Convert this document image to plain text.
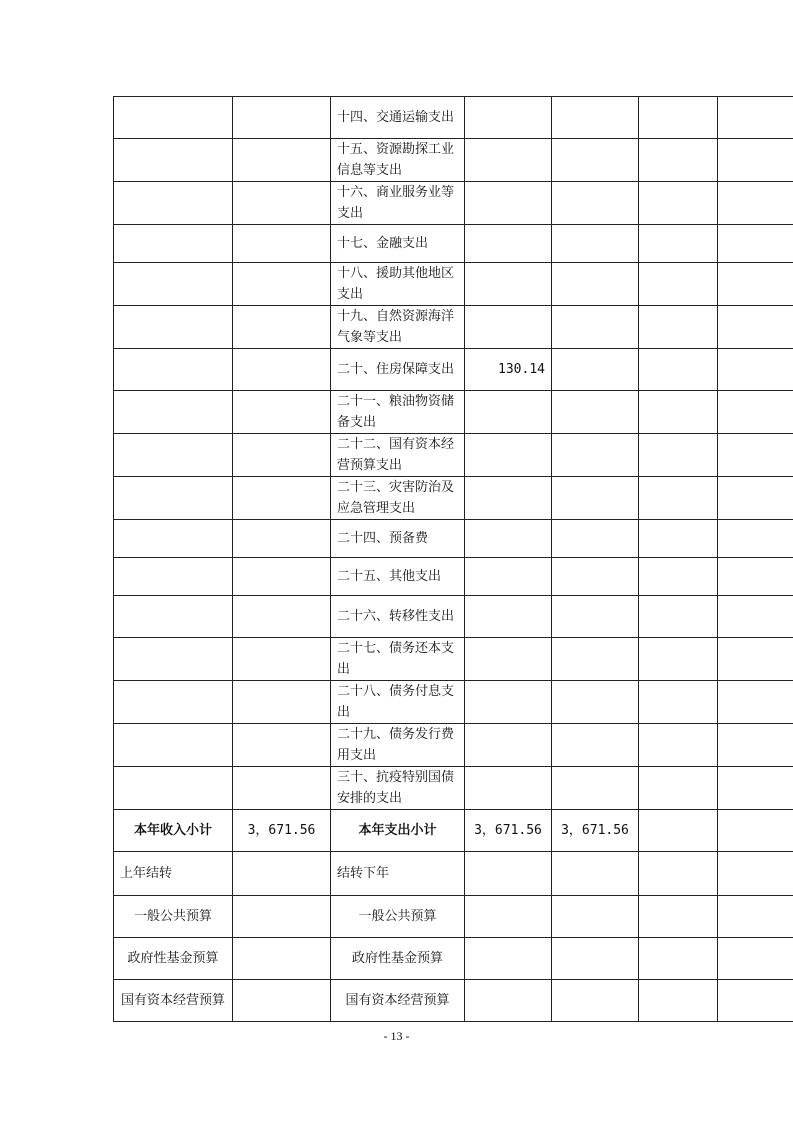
		十四、交通运输支出				
		十五、资源勘探工业信息等支出				
		十六、商业服务业等支出				
		十七、金融支出				
		十八、援助其他地区支出				
		十九、自然资源海洋气象等支出				
		二十、住房保障支出	130.14			
		二十一、粮油物资储备支出				
		二十二、国有资本经营预算支出				
		二十三、灾害防治及应急管理支出				
		二十四、预备费				
		二十五、其他支出				
		二十六、转移性支出				
		二十七、债务还本支出				
		二十八、债务付息支出				
		二十九、债务发行费用支出				
		三十、抗疫特别国债安排的支出				
本年收入小计	3，671.56	本年支出小计	3，671.56	3，671.56		
上年结转		结转下年				
一般公共预算		一般公共预算				
政府性基金预算		政府性基金预算				
国有资本经营预算		国有资本经营预算				
- 13 -
